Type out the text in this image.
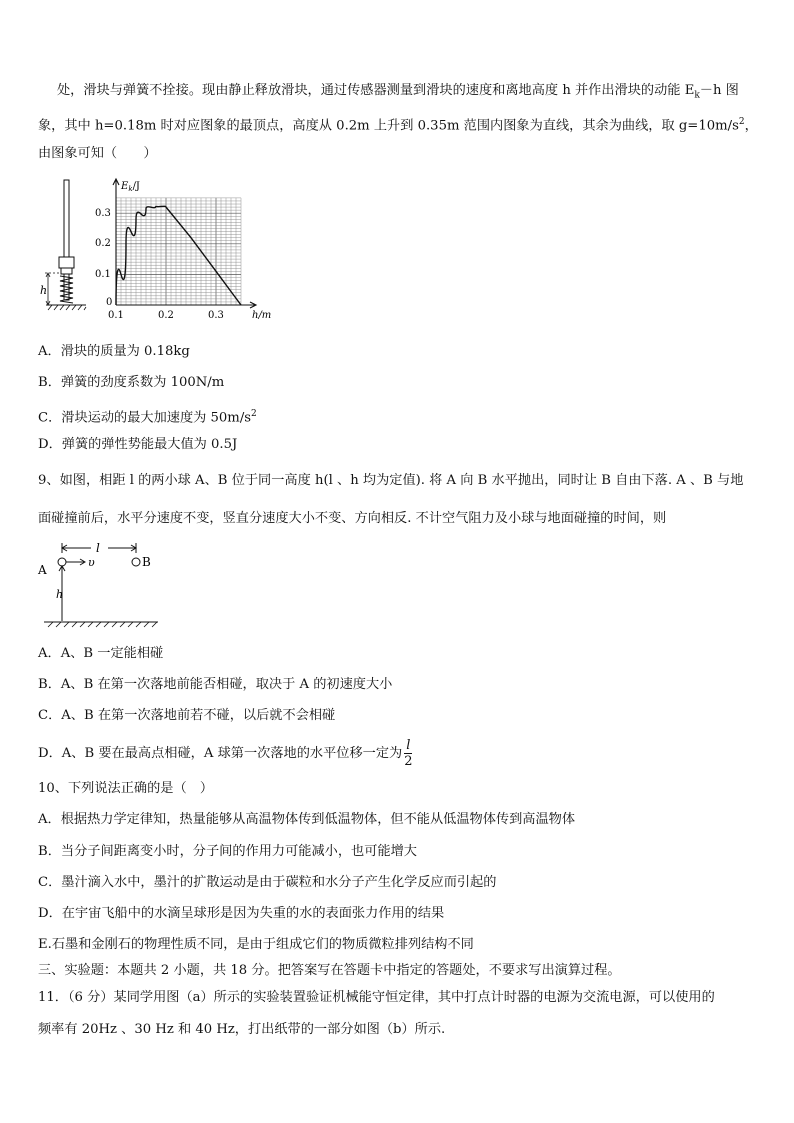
处，滑块与弹簧不拴接。现由静止释放滑块，通过传感器测量到滑块的速度和离地高度 h 并作出滑块的动能 $E_k-h$ 图
象，其中 h=0.18m 时对应图象的最顶点，高度从 0.2m 上升到 0.35m 范围内图象为直线，其余为曲线，取 $g=10m/s^2$，
由图象可知（　　）
h
$E_k/J$
h/m
0.3
0.2
0.1
0
0.1	0.2	0.3
A．滑块的质量为 0.18kg
B．弹簧的劲度系数为 100N/m
C．滑块运动的最大加速度为 $50m/s^2$
D．弹簧的弹性势能最大值为 0.5J
9、如图，相距 l 的两小球 A、B 位于同一高度 h(l 、h 均为定值). 将 A 向 B 水平抛出，同时让 B 自由下落. A 、B 与地
面碰撞前后，水平分速度不变，竖直分速度大小不变、方向相反. 不计空气阻力及小球与地面碰撞的时间，则
A
B
l
υ
h
A．A、B 一定能相碰
B．A、B 在第一次落地前能否相碰，取决于 A 的初速度大小
C．A、B 在第一次落地前若不碰，以后就不会相碰
D．A、B 要在最高点相碰，A 球第一次落地的水平位移一定为 $\frac{l}{2}$
10、下列说法正确的是（　）
A．根据热力学定律知，热量能够从高温物体传到低温物体，但不能从低温物体传到高温物体
B．当分子间距离变小时，分子间的作用力可能减小，也可能增大
C．墨汁滴入水中，墨汁的扩散运动是由于碳粒和水分子产生化学反应而引起的
D．在宇宙飞船中的水滴呈球形是因为失重的水的表面张力作用的结果
E.石墨和金刚石的物理性质不同，是由于组成它们的物质微粒排列结构不同
三、实验题：本题共 2 小题，共 18 分。把答案写在答题卡中指定的答题处，不要求写出演算过程。
11．（6 分）某同学用图（a）所示的实验装置验证机械能守恒定律，其中打点计时器的电源为交流电源，可以使用的
频率有 20Hz 、30 Hz 和 40 Hz，打出纸带的一部分如图（b）所示.
